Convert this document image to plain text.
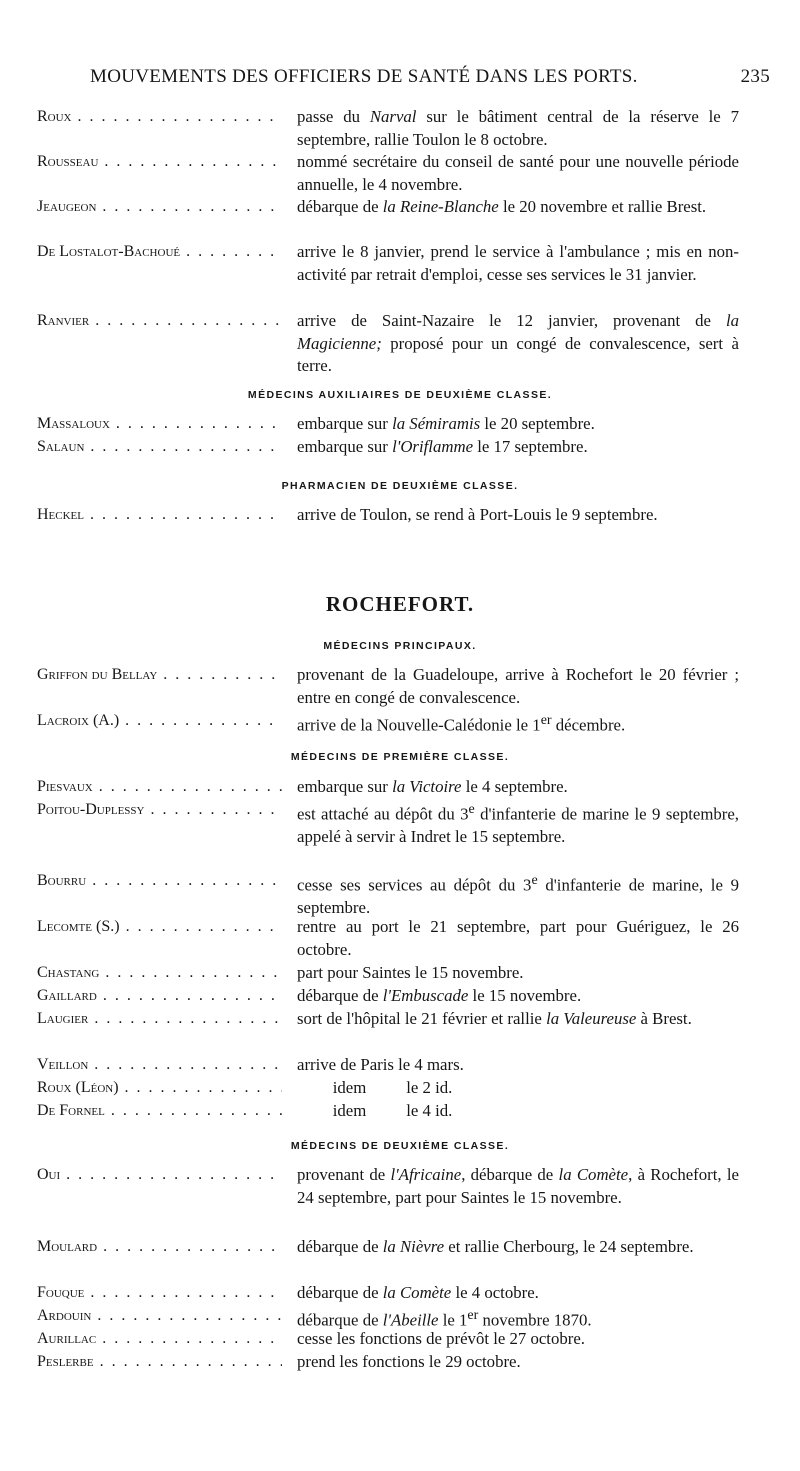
MOUVEMENTS DES OFFICIERS DE SANTÉ DANS LES PORTS.	235
Roux . . .	passe du Narval sur le bâtiment central de la réserve le 7 septembre, rallie Toulon le 8 octobre.
Rousseau . . .	nommé secrétaire du conseil de santé pour une nouvelle période annuelle, le 4 novembre.
Jeaugeon . . .	débarque de la Reine-Blanche le 20 novembre et rallie Brest.
De Lostalot-Bachoué . . .	arrive le 8 janvier, prend le service à l'ambulance ; mis en non-activité par retrait d'emploi, cesse ses services le 31 janvier.
Ranvier . . .	arrive de Saint-Nazaire le 12 janvier, provenant de la Magicienne; proposé pour un congé de convalescence, sert à terre.
MÉDECINS AUXILIAIRES DE DEUXIÈME CLASSE.
Massaloux . . .	embarque sur la Sémiramis le 20 septembre.
Salaun . . .	embarque sur l'Oriflamme le 17 septembre.
PHARMACIEN DE DEUXIÈME CLASSE.
Heckel . . .	arrive de Toulon, se rend à Port-Louis le 9 septembre.
ROCHEFORT.
MÉDECINS PRINCIPAUX.
Griffon du Bellay . . .	provenant de la Guadeloupe, arrive à Rochefort le 20 février ; entre en congé de convalescence.
Lacroix (A.) . . .	arrive de la Nouvelle-Calédonie le 1er décembre.
MÉDECINS DE PREMIÈRE CLASSE.
Piesvaux . . .	embarque sur la Victoire le 4 septembre.
Poitou-Duplessy . . .	est attaché au dépôt du 3e d'infanterie de marine le 9 septembre, appelé à servir à Indret le 15 septembre.
Bourru . . .	cesse ses services au dépôt du 3e d'infanterie de marine, le 9 septembre.
Lecomte (S.) . . .	rentre au port le 21 septembre, part pour Guériguez, le 26 octobre.
Chastang . . .	part pour Saintes le 15 novembre.
Gaillard . . .	débarque de l'Embuscade le 15 novembre.
Laugier . . .	sort de l'hôpital le 21 février et rallie la Valeureuse à Brest.
Veillon . . .	arrive de Paris le 4 mars.
Roux (Léon) . . .	idem le 2 id.
De Fornel . . .	idem le 4 id.
MÉDECINS DE DEUXIÈME CLASSE.
Oui . . .	provenant de l'Africaine, débarque de la Comète, à Rochefort, le 24 septembre, part pour Saintes le 15 novembre.
Moulard . . .	débarque de la Nièvre et rallie Cherbourg, le 24 septembre.
Fouque . . .	débarque de la Comète le 4 octobre.
Ardouin . . .	débarque de l'Abeille le 1er novembre 1870.
Aurillac . . .	cesse les fonctions de prévôt le 27 octobre.
Peslerbe . . .	prend les fonctions le 29 octobre.
